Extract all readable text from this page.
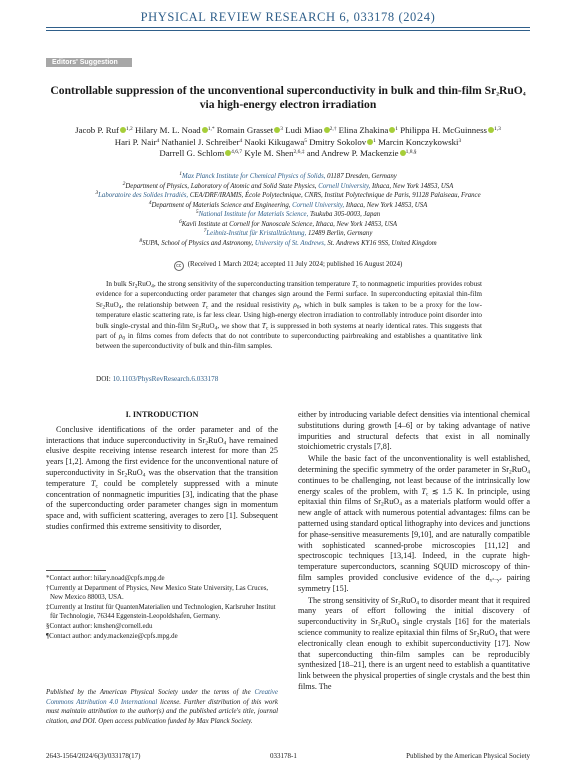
PHYSICAL REVIEW RESEARCH 6, 033178 (2024)
Editors' Suggestion
Controllable suppression of the unconventional superconductivity in bulk and thin-film $Sr_2RuO_4$
via high-energy electron irradiation
Jacob P. Ruf $^{1,2}$ Hilary M. L. Noad $^{1,*}$ Romain Grasset $^3$ Ludi Miao $^{2,\dagger}$ Elina Zhakina $^1$ Philippa H. McGuinness $^{1,3}$
Hari P. Nair$^4$ Nathaniel J. Schreiber$^4$ Naoki Kikugawa$^5$ Dmitry Sokolov $^1$ Marcin Konczykowski$^3$
Darrell G. Schlom $^{4,6,7}$ Kyle M. Shen$^{2,6,\ddagger}$ and Andrew P. Mackenzie $^{1,8,\S}$
$^1$Max Planck Institute for Chemical Physics of Solids, 01187 Dresden, Germany
$^2$Department of Physics, Laboratory of Atomic and Solid State Physics, Cornell University, Ithaca, New York 14853, USA
$^3$Laboratoire des Solides Irradiés, CEA/DRF/IRAMIS, École Polytechnique, CNRS, Institut Polytechnique de Paris, 91128 Palaiseau, France
$^4$Department of Materials Science and Engineering, Cornell University, Ithaca, New York 14853, USA
$^5$National Institute for Materials Science, Tsukuba 305-0003, Japan
$^6$Kavli Institute at Cornell for Nanoscale Science, Ithaca, New York 14853, USA
$^7$Leibniz-Institut für Kristallzüchtung, 12489 Berlin, Germany
$^8$SUPA, School of Physics and Astronomy, University of St. Andrews, St. Andrews KY16 9SS, United Kingdom
cc (Received 1 March 2024; accepted 11 July 2024; published 16 August 2024)
In bulk $Sr_2RuO_4$, the strong sensitivity of the superconducting transition temperature $T_c$ to nonmagnetic impurities provides robust evidence for a superconducting order parameter that changes sign around the Fermi surface. In superconducting epitaxial thin-film $Sr_2RuO_4$, the relationship between $T_c$ and the residual resistivity $\rho_0$, which in bulk samples is taken to be a proxy for the low-temperature elastic scattering rate, is far less clear. Using high-energy electron irradiation to controllably introduce point disorder into bulk single-crystal and thin-film $Sr_2RuO_4$, we show that $T_c$ is suppressed in both systems at nearly identical rates. This suggests that part of $\rho_0$ in films comes from defects that do not contribute to superconducting pairbreaking and establishes a quantitative link between the superconductivity of bulk and thin-film samples.
DOI: 10.1103/PhysRevResearch.6.033178
I. INTRODUCTION

Conclusive identifications of the order parameter and of the interactions that induce superconductivity in $Sr_2RuO_4$ have remained elusive despite receiving intense research interest for more than 25 years [1,2]. Among the first evidence for the unconventional nature of superconductivity in $Sr_2RuO_4$ was the observation that the transition temperature $T_c$ could be completely suppressed with a minute concentration of nonmagnetic impurities [3], indicating that the phase of the superconducting order parameter changes sign in momentum space and, with sufficient scattering, averages to zero [1]. Subsequent studies confirmed this extreme sensitivity to disorder,

*Contact author: hilary.noad@cpfs.mpg.de
†Currently at Department of Physics, New Mexico State University, Las Cruces, New Mexico 88003, USA.
‡Currently at Institut für QuantenMaterialien und Technologien, Karlsruher Institut für Technologie, 76344 Eggenstein-Leopoldshafen, Germany.
§Contact author: kmshen@cornell.edu
¶Contact author: andy.mackenzie@cpfs.mpg.de
Published by the American Physical Society under the terms of the Creative Commons Attribution 4.0 International license. Further distribution of this work must maintain attribution to the author(s) and the published article's title, journal citation, and DOI. Open access publication funded by Max Planck Society.

either by introducing variable defect densities via intentional chemical substitutions during growth [4–6] or by taking advantage of native impurities and structural defects that exist in all nominally stoichiometric crystals [7,8].

While the basic fact of the unconventionality is well established, determining the specific symmetry of the order parameter in $Sr_2RuO_4$ continues to be challenging, not least because of the intrinsically low energy scales of the problem, with $T_c$ ≲ 1.5 K. In principle, using epitaxial thin films of $Sr_2RuO_4$ as a materials platform would offer a new angle of attack with numerous potential advantages: films can be patterned using standard optical lithography into devices and junctions for phase-sensitive measurements [9,10], and are naturally compatible with sophisticated scanned-probe microscopies [11,12] and spectroscopic techniques [13,14]. Indeed, in the cuprate high-temperature superconductors, scanning SQUID microscopy of thin-film samples provided conclusive evidence of the $d_{x^2-y^2}$ pairing symmetry [15].

The strong sensitivity of $Sr_2RuO_4$ to disorder meant that it required many years of effort following the initial discovery of superconductivity in $Sr_2RuO_4$ single crystals [16] for the materials science community to realize epitaxial thin films of $Sr_2RuO_4$ that were electronically clean enough to exhibit superconductivity [17]. Now that superconducting thin-film samples can be reproducibly synthesized [18–21], there is an urgent need to establish a quantitative link between the physical properties of single crystals and the best thin films. The

2643-1564/2024/6(3)/033178(17)	033178-1	Published by the American Physical Society
